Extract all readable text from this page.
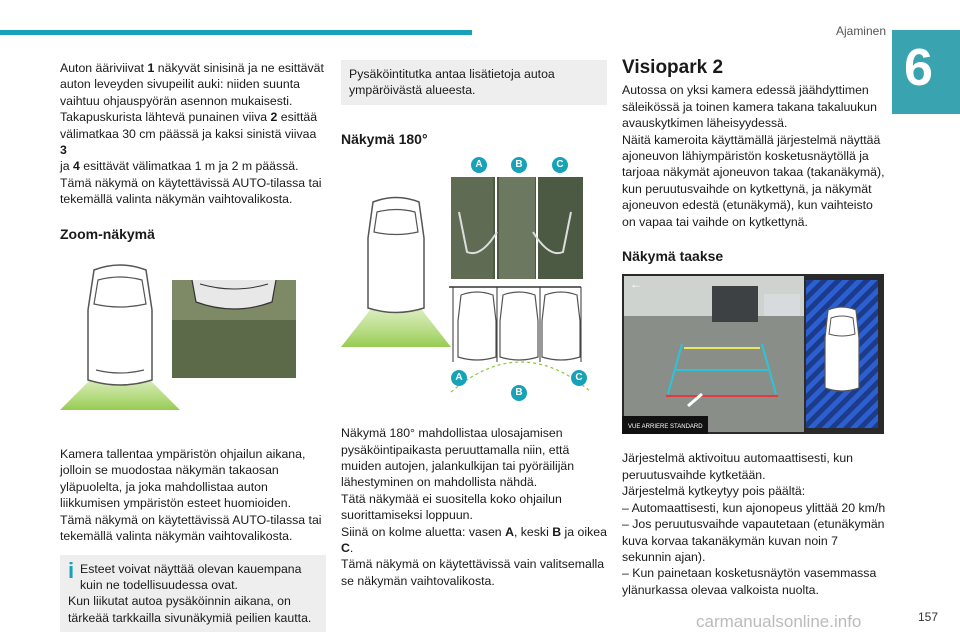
Ajaminen
6

Auton ääriviivat 1 näkyvät sinisinä ja ne esittävät auton leveyden sivupeilit auki: niiden suunta vaihtuu ohjauspyörän asennon mukaisesti.
Takapuskurista lähtevä punainen viiva 2 esittää välimatkaa 30 cm päässä ja kaksi sinistä viivaa 3
ja 4 esittävät välimatkaa 1 m ja 2 m päässä.
Tämä näkymä on käytettävissä AUTO-tilassa tai tekemällä valinta näkymän vaihtovalikosta.

Zoom-näkymä

Kamera tallentaa ympäristön ohjailun aikana, jolloin se muodostaa näkymän takaosan yläpuolelta, ja joka mahdollistaa auton liikkumisen ympäristön esteet huomioiden.
Tämä näkymä on käytettävissä AUTO-tilassa tai tekemällä valinta näkymän vaihtovalikosta.

i Esteet voivat näyttää olevan kauempana kuin ne todellisuudessa ovat.
Kun liikutat autoa pysäköinnin aikana, on tärkeää tarkkailla sivunäkymiä peilien kautta.
Pysäköintitutka antaa lisätietoja autoa ympäröivästä alueesta.

Näkymä 180°

A	B	C
A
B
C

Näkymä 180° mahdollistaa ulosajamisen pysäköintipaikasta peruuttamalla niin, että muiden autojen, jalankulkijan tai pyöräilijän lähestyminen on mahdollista nähdä.
Tätä näkymää ei suositella koko ohjailun suorittamiseksi loppuun.
Siinä on kolme aluetta: vasen A, keski B ja oikea C.
Tämä näkymä on käytettävissä vain valitsemalla se näkymän vaihtovalikosta.

Visiopark 2

Autossa on yksi kamera edessä jäähdyttimen säleikössä ja toinen kamera takana takaluukun avauskytkimen läheisyydessä.
Näitä kameroita käyttämällä järjestelmä näyttää ajoneuvon lähiympäristön kosketusnäytöllä ja tarjoaa näkymät ajoneuvon takaa (takanäkymä), kun peruutusvaihde on kytkettynä, ja näkymät ajoneuvon edestä (etunäkymä), kun vaihteisto on vapaa tai vaihde on kytkettynä.

Näkymä taakse

VUE ARRIERE STANDARD
←

Järjestelmä aktivoituu automaattisesti, kun peruutusvaihde kytketään.
Järjestelmä kytkeytyy pois päältä:
– Automaattisesti, kun ajonopeus ylittää 20 km/h
– Jos peruutusvaihde vapautetaan (etunäkymän kuva korvaa takanäkymän kuvan noin 7 sekunnin ajan).
– Kun painetaan kosketusnäytön vasemmassa ylänurkassa olevaa valkoista nuolta.

157
carmanualsonline.info
